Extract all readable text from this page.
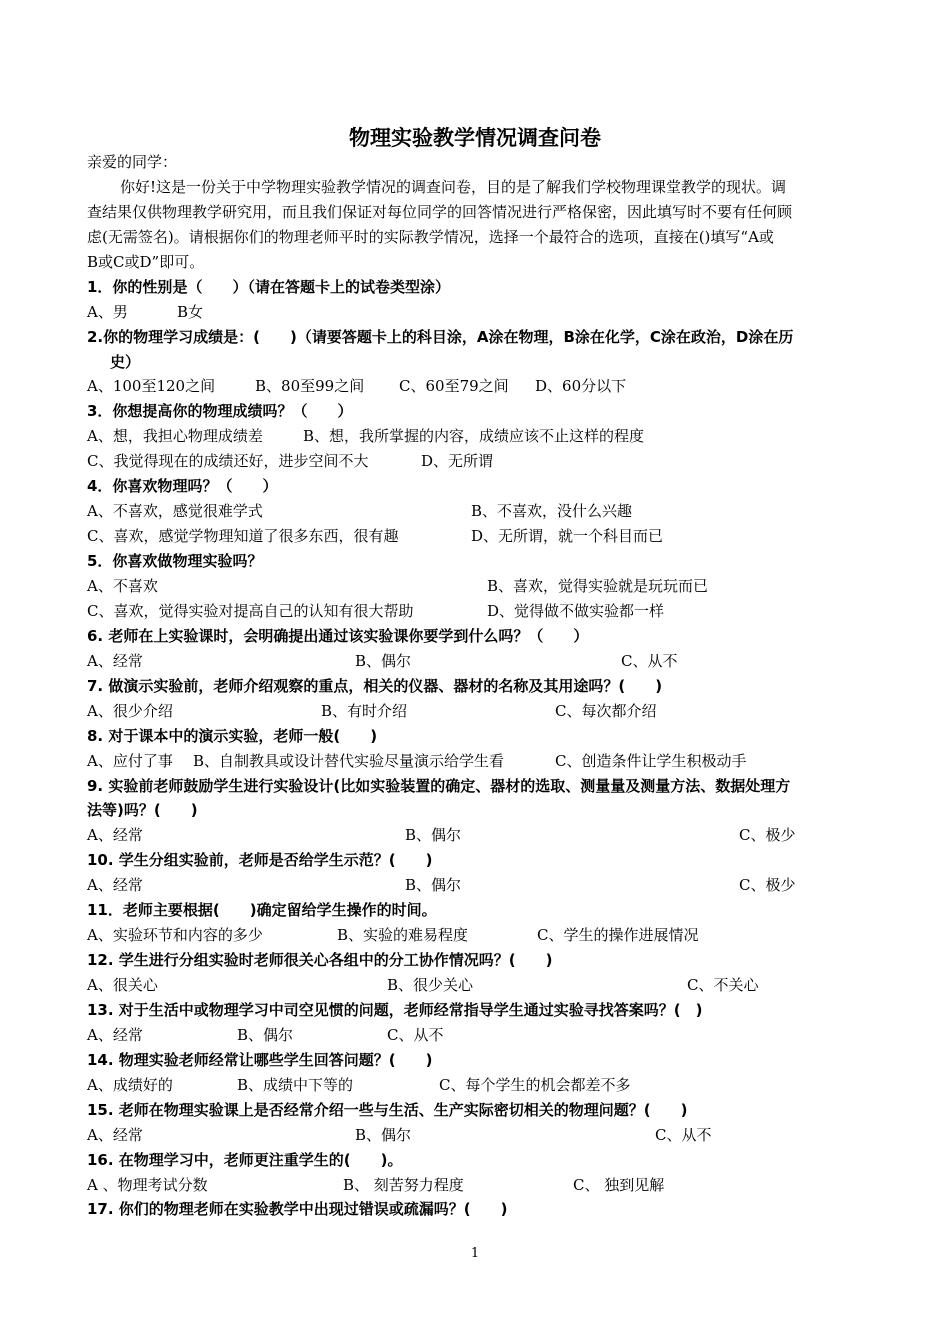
物理实验教学情况调查问卷
亲爱的同学：
你好!这是一份关于中学物理实验教学情况的调查问卷，目的是了解我们学校物理课堂教学的现状。调
查结果仅供物理教学研究用，而且我们保证对每位同学的回答情况进行严格保密，因此填写时不要有任何顾
虑(无需签名)。请根据你们的物理老师平时的实际教学情况，选择一个最符合的选项，直接在()填写“A或
B或C或D”即可。
1．你的性别是（　　）（请在答题卡上的试卷类型涂）
A、男	B女
2.你的物理学习成绩是：(　　)（请要答题卡上的科目涂，A涂在物理，B涂在化学，C涂在政治，D涂在历
史）
A、100至120之间	B、80至99之间 C、60至79之间 D、60分以下
3．你想提高你的物理成绩吗？（　　）
A、想，我担心物理成绩差	B、想，我所掌握的内容，成绩应该不止这样的程度
C、我觉得现在的成绩还好，进步空间不大	D、无所谓
4．你喜欢物理吗？（　　）
A、不喜欢，感觉很难学式	B、不喜欢，没什么兴趣
C、喜欢，感觉学物理知道了很多东西，很有趣	D、无所谓，就一个科目而已
5．你喜欢做物理实验吗？
A、不喜欢	B、喜欢，觉得实验就是玩玩而已
C、喜欢，觉得实验对提高自己的认知有很大帮助	D、觉得做不做实验都一样
6. 老师在上实验课时，会明确提出通过该实验课你要学到什么吗？（　　）
A、经常	B、偶尔	C、从不
7. 做演示实验前，老师介绍观察的重点，相关的仪器、器材的名称及其用途吗？(　　)
A、很少介绍	B、有时介绍	C、每次都介绍
8. 对于课本中的演示实验，老师一般(　　)
A、应付了事 B、自制教具或设计替代实验尽量演示给学生看	C、创造条件让学生积极动手
9. 实验前老师鼓励学生进行实验设计(比如实验装置的确定、器材的选取、测量量及测量方法、数据处理方
法等)吗？(　　)
A、经常	B、偶尔	C、极少
10. 学生分组实验前，老师是否给学生示范？(　　)
A、经常	B、偶尔	C、极少
11．老师主要根据(　　)确定留给学生操作的时间。
A、实验环节和内容的多少	B、实验的难易程度	C、学生的操作进展情况
12. 学生进行分组实验时老师很关心各组中的分工协作情况吗？(　　)
A、很关心	B、很少关心	C、不关心
13. 对于生活中或物理学习中司空见惯的问题，老师经常指导学生通过实验寻找答案吗？(　)
A、经常	B、偶尔	C、从不
14. 物理实验老师经常让哪些学生回答问题？(　　)
A、成绩好的	B、成绩中下等的	C、每个学生的机会都差不多
15. 老师在物理实验课上是否经常介绍一些与生活、生产实际密切相关的物理问题？(　　)
A、经常	B、偶尔	C、从不
16. 在物理学习中，老师更注重学生的(　　)。
A 、物理考试分数	B、 刻苦努力程度	C、 独到见解
17. 你们的物理老师在实验教学中出现过错误或疏漏吗？(　　)
1
